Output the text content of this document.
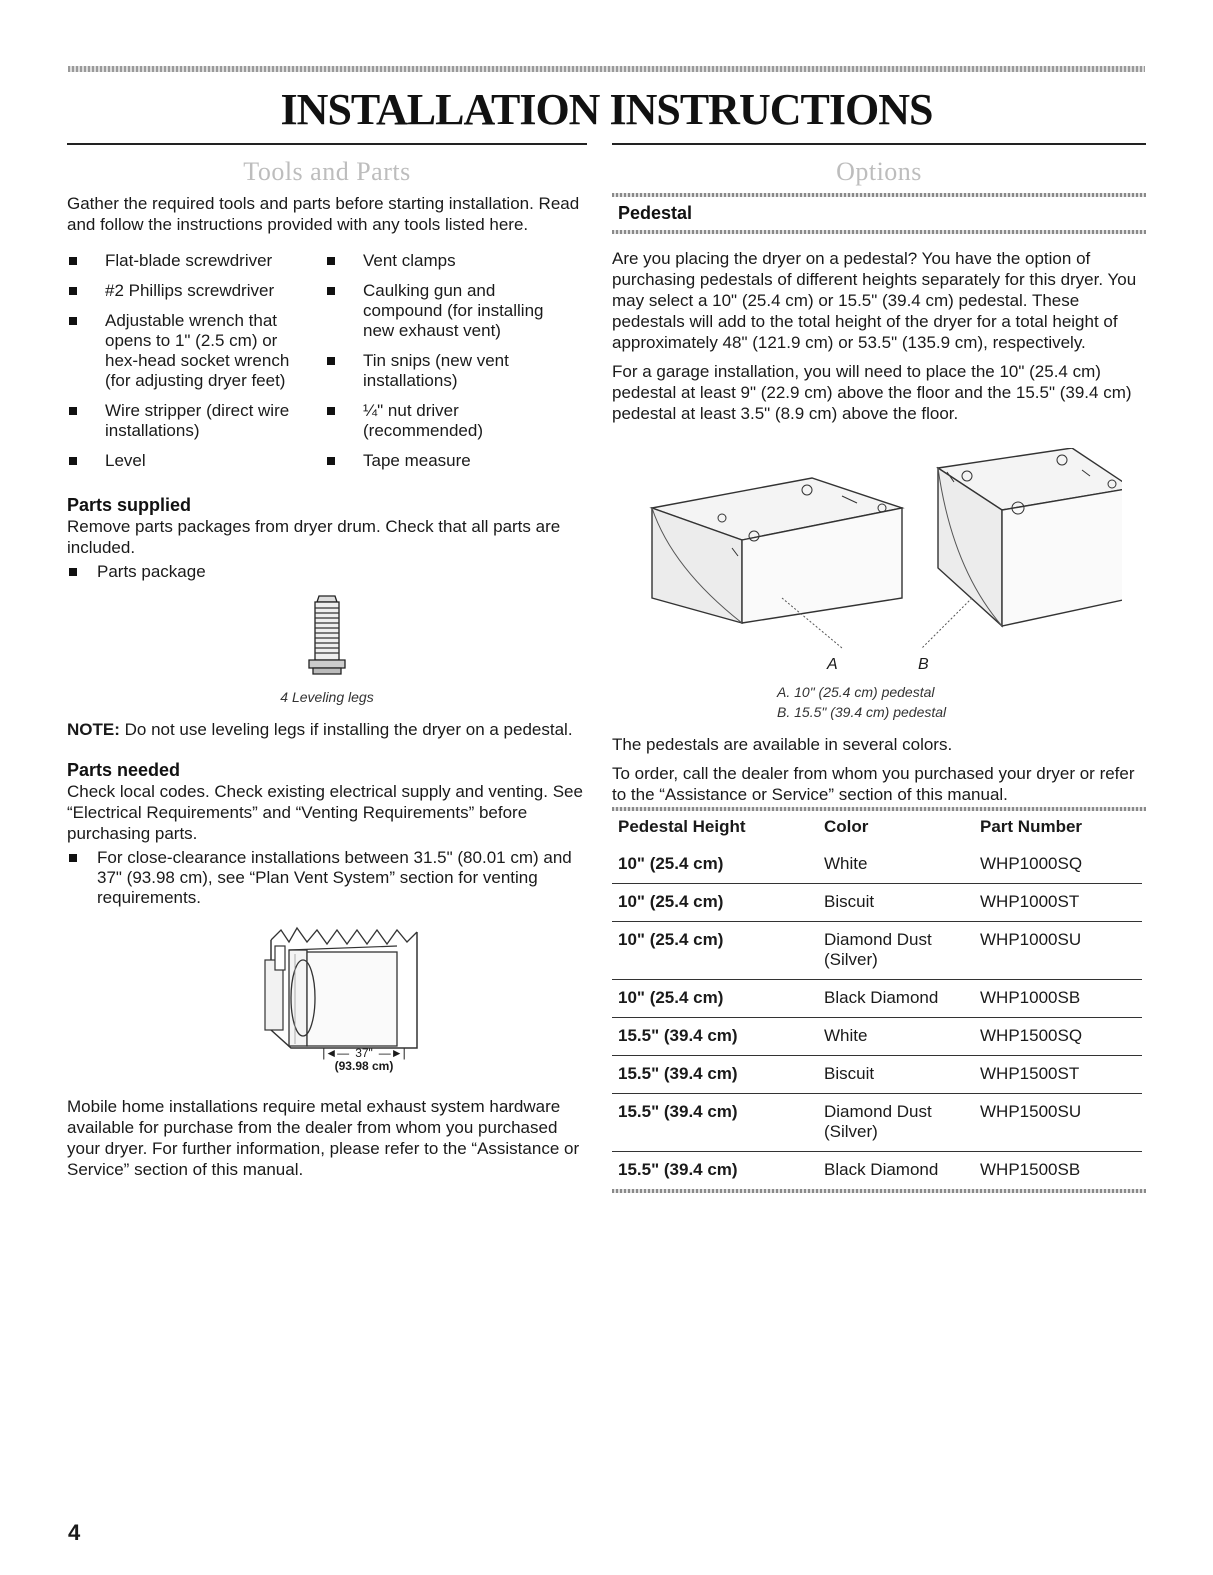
INSTALLATION INSTRUCTIONS
Tools and Parts

Gather the required tools and parts before starting installation. Read and follow the instructions provided with any tools listed here.

Flat-blade screwdriver
#2 Phillips screwdriver
Adjustable wrench that opens to 1" (2.5 cm) or hex-head socket wrench (for adjusting dryer feet)
Wire stripper (direct wire installations)
Level
Vent clamps
Caulking gun and compound (for installing new exhaust vent)
Tin snips (new vent installations)
¼" nut driver (recommended)
Tape measure
Parts supplied

Remove parts packages from dryer drum. Check that all parts are included.

Parts package
4 Leveling legs

NOTE: Do not use leveling legs if installing the dryer on a pedestal.

Parts needed

Check local codes. Check existing electrical supply and venting. See “Electrical Requirements” and “Venting Requirements” before purchasing parts.

For close-clearance installations between 31.5" (80.01 cm) and 37" (93.98 cm), see “Plan Vent System” section for venting requirements.
|◄— 37" —►|
(93.98 cm)

Mobile home installations require metal exhaust system hardware available for purchase from the dealer from whom you purchased your dryer. For further information, please refer to the “Assistance or Service” section of this manual.

Options
Pedestal

Are you placing the dryer on a pedestal? You have the option of purchasing pedestals of different heights separately for this dryer. You may select a 10" (25.4 cm) or 15.5" (39.4 cm) pedestal. These pedestals will add to the total height of the dryer for a total height of approximately 48" (121.9 cm) or 53.5" (135.9 cm), respectively.

For a garage installation, you will need to place the 10" (25.4 cm) pedestal at least 9" (22.9 cm) above the floor and the 15.5" (39.4 cm) pedestal at least 3.5" (8.9 cm) above the floor.

A	B
A. 10" (25.4 cm) pedestal
B. 15.5" (39.4 cm) pedestal

The pedestals are available in several colors.

To order, call the dealer from whom you purchased your dryer or refer to the “Assistance or Service” section of this manual.

Pedestal Height	Color	Part Number
10" (25.4 cm)	White	WHP1000SQ
10" (25.4 cm)	Biscuit	WHP1000ST
10" (25.4 cm)	Diamond Dust (Silver)	WHP1000SU
10" (25.4 cm)	Black Diamond	WHP1000SB
15.5" (39.4 cm)	White	WHP1500SQ
15.5" (39.4 cm)	Biscuit	WHP1500ST
15.5" (39.4 cm)	Diamond Dust (Silver)	WHP1500SU
15.5" (39.4 cm)	Black Diamond	WHP1500SB
4
